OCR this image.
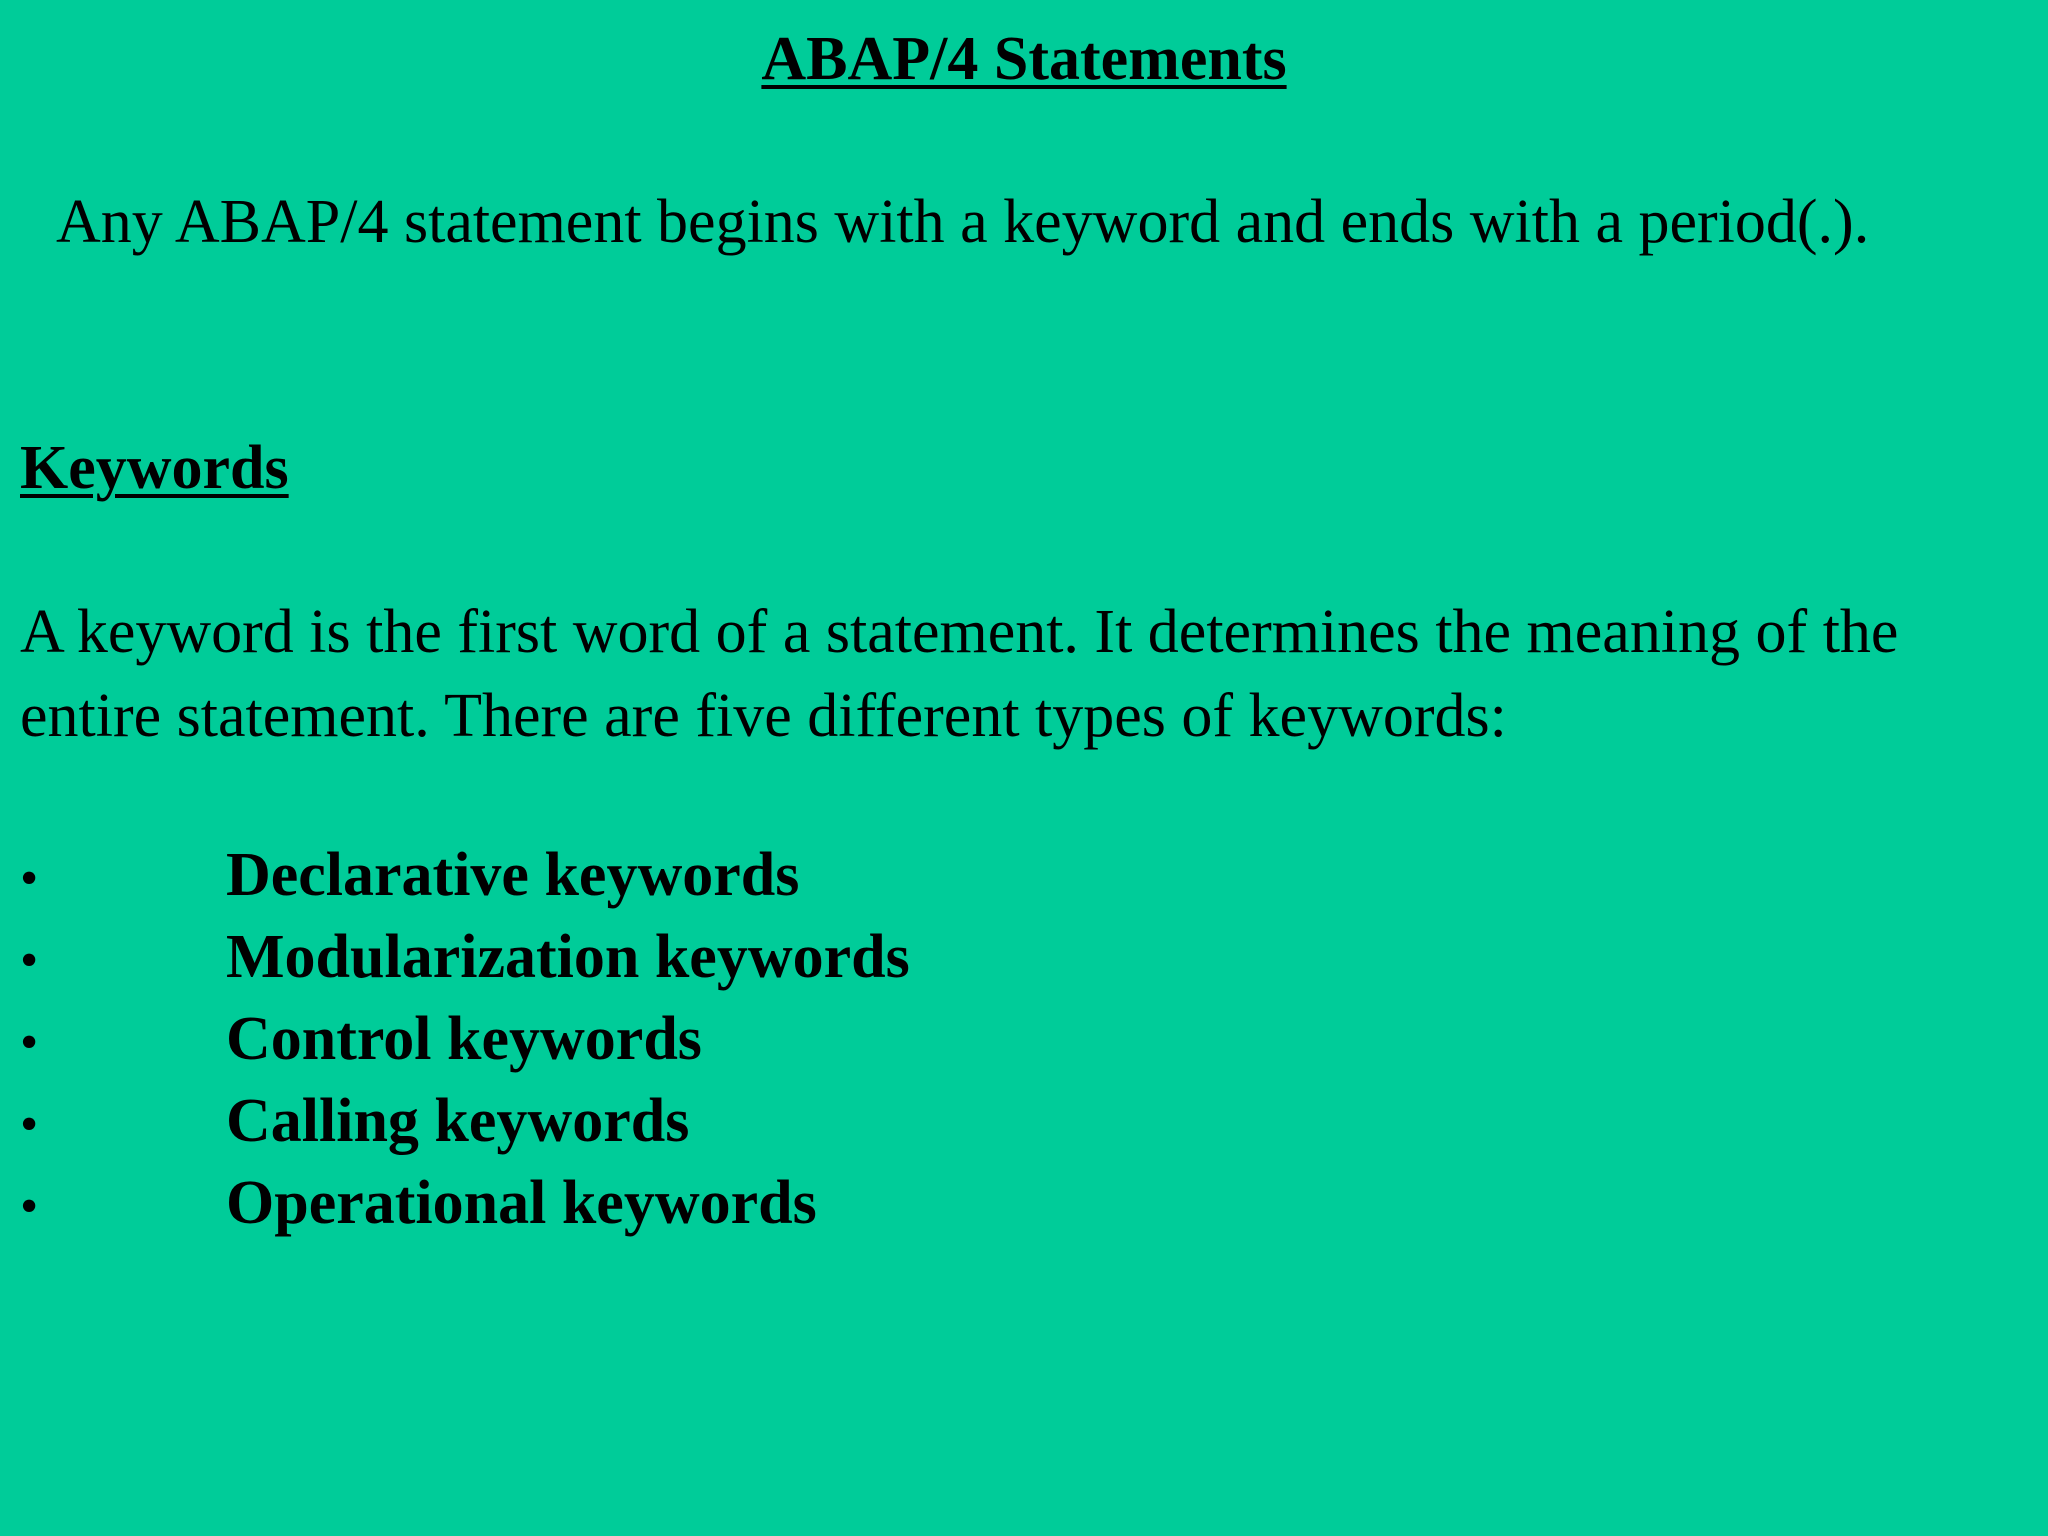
ABAP/4 Statements

Any ABAP/4 statement begins with a keyword and ends with a period(.).

Keywords

A keyword is the first word of a statement. It determines the meaning of the entire statement. There are five different types of keywords:

•	Declarative keywords
•	Modularization keywords
•	Control keywords
•	Calling keywords
•	Operational keywords
